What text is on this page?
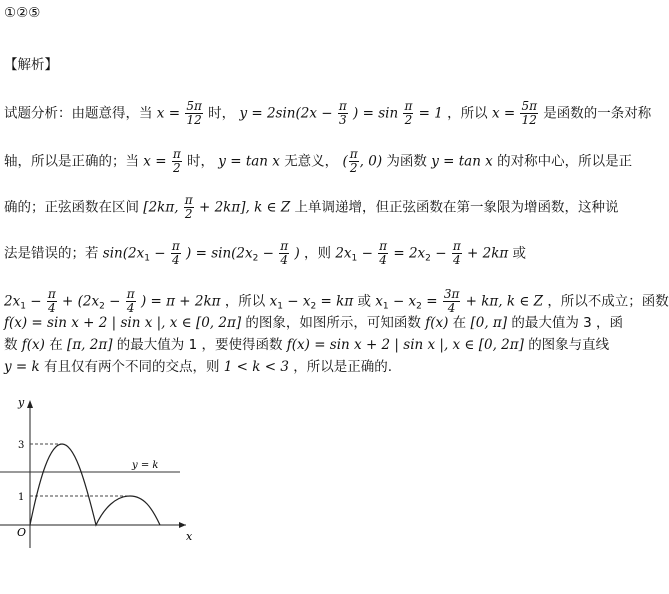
①②⑤
【解析】
试题分析：由题意得，当 $x = \frac{5\pi}{12}$ 时， $y = 2\sin(2x - \frac{\pi}{3}$ ) = $\sin \frac{\pi}{2} = 1$ ，所以 $x = \frac{5\pi}{12}$ 是函数的一条对称
轴，所以是正确的；当 $x = \frac{\pi}{2}$ 时， y = tan x 无意义， ( $\frac{\pi}{2}$ , 0) 为函数 y = tan x 的对称中心，所以是正
确的；正弦函数在区间 [2kπ, $\frac{\pi}{2} + 2k\pi$], k ∈ Z 上单调递增，但正弦函数在第一象限为增函数，这种说
法是错误的；若 $\sin(2x_1 - \frac{\pi}{4}$ ) = $\sin(2x_2 - \frac{\pi}{4}$ ) ，则 $2x_1 - \frac{\pi}{4} = 2x_2 - \frac{\pi}{4} + 2k\pi$ 或
$2x_1 - \frac{\pi}{4} + (2x_2 - \frac{\pi}{4}$ ) = π + 2kπ ，所以 $x_1 - x_2 = k\pi$ 或 $x_1 - x_2 = \frac{3\pi}{4} + k\pi$, k ∈ Z ，所以不成立；函数
f(x) = sin x + 2 | sin x |, x ∈ [0, 2π] 的图象，如图所示，可知函数 f(x) 在 [0, π] 的最大值为 3 ，函
数 f(x) 在 [π, 2π] 的最大值为 1 ，要使得函数 f(x) = sin x + 2 | sin x |, x ∈ [0, 2π] 的图象与直线
y = k 有且仅有两个不同的交点，则 1 < k < 3 ，所以是正确的.
y
x
O
3
1
y = k
